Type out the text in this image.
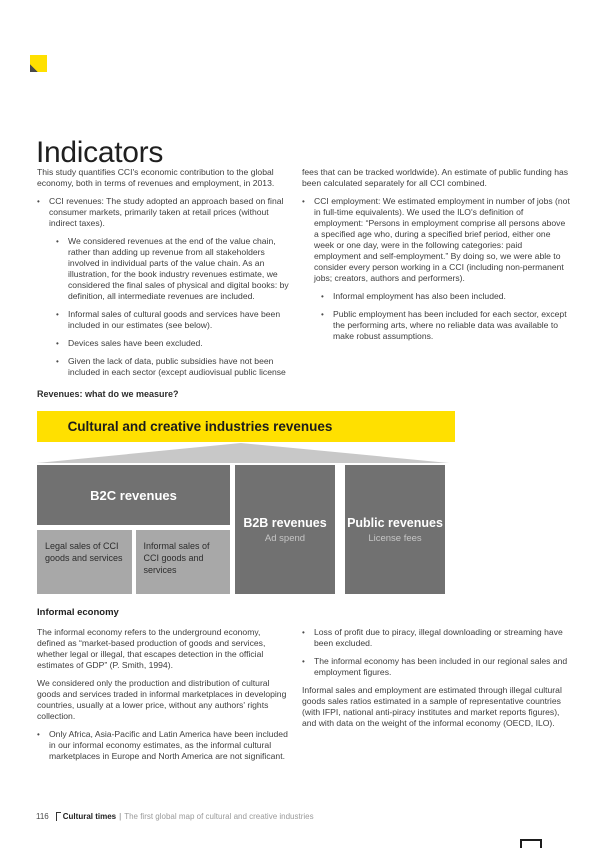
Indicators

This study quantifies CCI's economic contribution to the global economy, both in terms of revenues and employment, in 2013.

•
CCI revenues: The study adopted an approach based on final consumer markets, primarily taken at retail prices (without indirect taxes).
•
We considered revenues at the end of the value chain, rather than adding up revenue from all stakeholders involved in individual parts of the value chain. As an illustration, for the book industry revenues estimate, we considered the final sales of physical and digital books: by definition, all intermediate revenues are included.
•
Informal sales of cultural goods and services have been included in our estimates (see below).
•
Devices sales have been excluded.
•
Given the lack of data, public subsidies have not been included in each sector (except audiovisual public license

fees that can be tracked worldwide). An estimate of public funding has been calculated separately for all CCI combined.

•
CCI employment: We estimated employment in number of jobs (not in full-time equivalents). We used the ILO's definition of employment: “Persons in employment comprise all persons above a specified age who, during a specified brief period, either one week or one day, were in the following categories: paid employment and self-employment.” By doing so, we were able to consider every person working in a CCI (including non-permanent jobs; creators, authors and performers).
•
Informal employment has also been included.
•
Public employment has been included for each sector, except the performing arts, where no reliable data was available to make robust assumptions.
Revenues: what do we measure?
Cultural and creative industries revenues
B2C revenues
Legal sales of CCI goods and services
Informal sales of CCI goods and services
B2B revenues
Ad spend
Public revenues
License fees
Informal economy

The informal economy refers to the underground economy, defined as “market-based production of goods and services, whether legal or illegal, that escapes detection in the official estimates of GDP” (P. Smith, 1994).

We considered only the production and distribution of cultural goods and services traded in informal marketplaces in developing countries, usually at a lower price, without any authors' rights collection.

•
Only Africa, Asia-Pacific and Latin America have been included in our informal economy estimates, as the informal cultural marketplaces in Europe and North America are not significant.
•
Loss of profit due to piracy, illegal downloading or streaming have been excluded.
•
The informal economy has been included in our regional sales and employment figures.

Informal sales and employment are estimated through illegal cultural goods sales ratios estimated in a sample of representative countries (with IFPI, national anti-piracy institutes and market reports figures), and with data on the weight of the informal economy (OECD, ILO).

116 Cultural times | The first global map of cultural and creative industries
